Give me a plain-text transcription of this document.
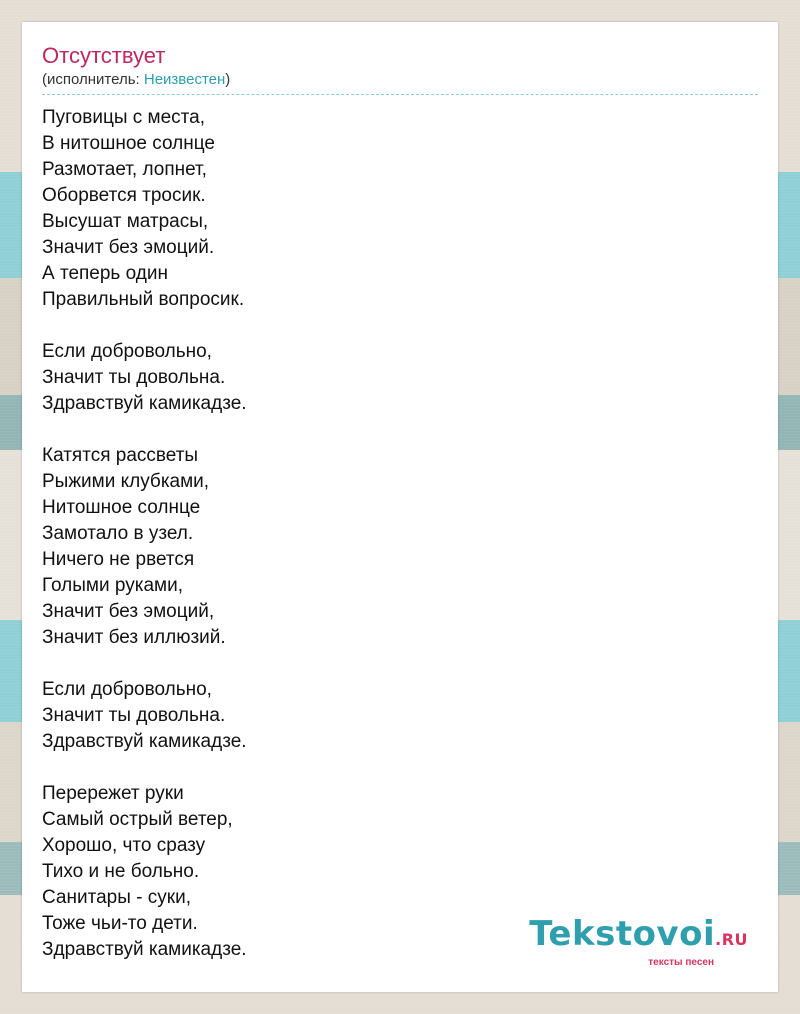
Отсутствует
(исполнитель: Неизвестен)
Пуговицы с места,
В нитошное солнце
Размотает, лопнет,
Оборвется тросик.
Высушат матрасы,
Значит без эмоций.
А теперь один
Правильный вопросик.
Если добровольно,
Значит ты довольна.
Здравствуй камикадзе.
Катятся рассветы
Рыжими клубками,
Нитошное солнце
Замотало в узел.
Ничего не рвется
Голыми руками,
Значит без эмоций,
Значит без иллюзий.
Если добровольно,
Значит ты довольна.
Здравствуй камикадзе.
Перережет руки
Самый острый ветер,
Хорошо, что сразу
Тихо и не больно.
Санитары - суки,
Тоже чьи-то дети.
Здравствуй камикадзе.	Tekstovoi.RU
тексты песен
